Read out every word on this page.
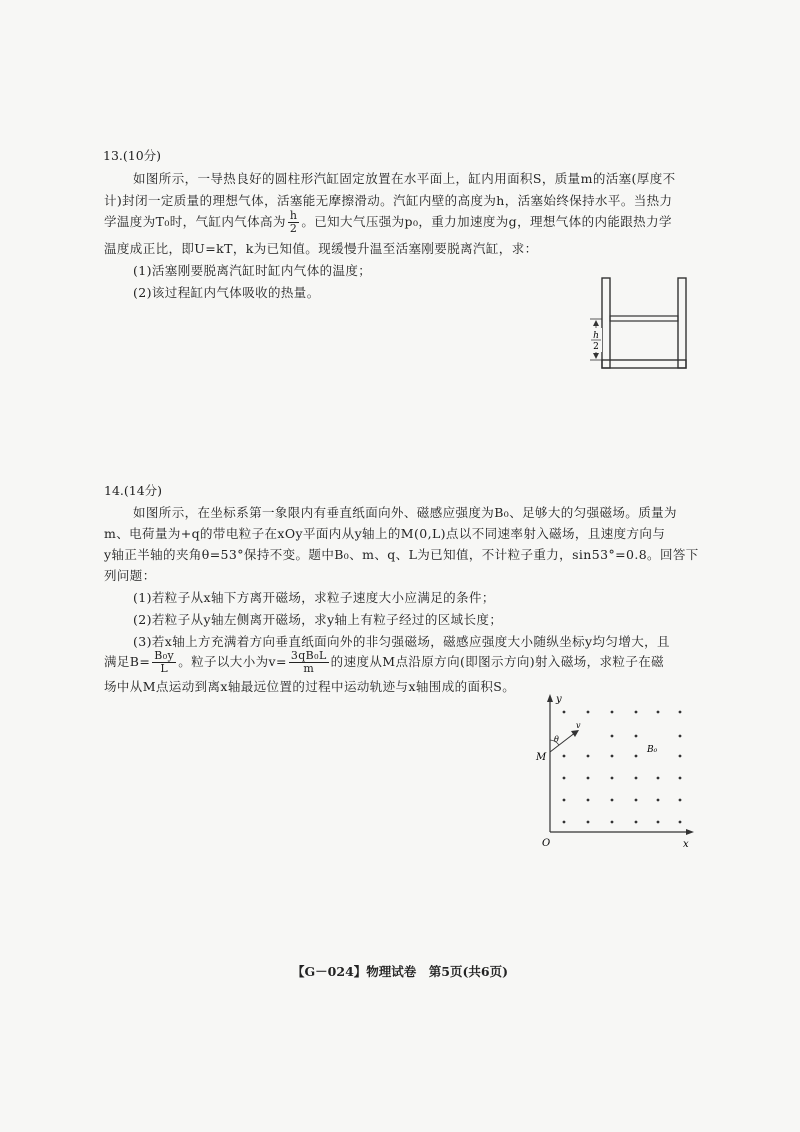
13.(10分)
如图所示，一导热良好的圆柱形汽缸固定放置在水平面上，缸内用面积S，质量m的活塞(厚度不
计)封闭一定质量的理想气体，活塞能无摩擦滑动。汽缸内壁的高度为h，活塞始终保持水平。当热力
学温度为T₀时，气缸内气体高为 $\frac{h}{2}$ 。已知大气压强为p₀，重力加速度为g，理想气体的内能跟热力学
温度成正比，即U=kT，k为已知值。现缓慢升温至活塞刚要脱离汽缸，求：
(1)活塞刚要脱离汽缸时缸内气体的温度；
(2)该过程缸内气体吸收的热量。
h
2
14.(14分)
如图所示，在坐标系第一象限内有垂直纸面向外、磁感应强度为B₀、足够大的匀强磁场。质量为
m、电荷量为+q的带电粒子在xOy平面内从y轴上的M(0,L)点以不同速率射入磁场，且速度方向与
y轴正半轴的夹角θ=53°保持不变。题中B₀、m、q、L为已知值，不计粒子重力，sin53°=0.8。回答下
列问题：
(1)若粒子从x轴下方离开磁场，求粒子速度大小应满足的条件；
(2)若粒子从y轴左侧离开磁场，求y轴上有粒子经过的区域长度；
(3)若x轴上方充满着方向垂直纸面向外的非匀强磁场，磁感应强度大小随纵坐标y均匀增大，且
满足$B= \frac{\text{B₀y}}{L}$ 。粒子以大小为$v= \frac{\text{3qB₀L}}{m}$ 的速度从M点沿原方向(即图示方向)射入磁场，求粒子在磁
场中从M点运动到离x轴最远位置的过程中运动轨迹与x轴围成的面积S。
y
x
O
M
θ
v
B₀
【G－024】物理试卷　第5页(共6页)
